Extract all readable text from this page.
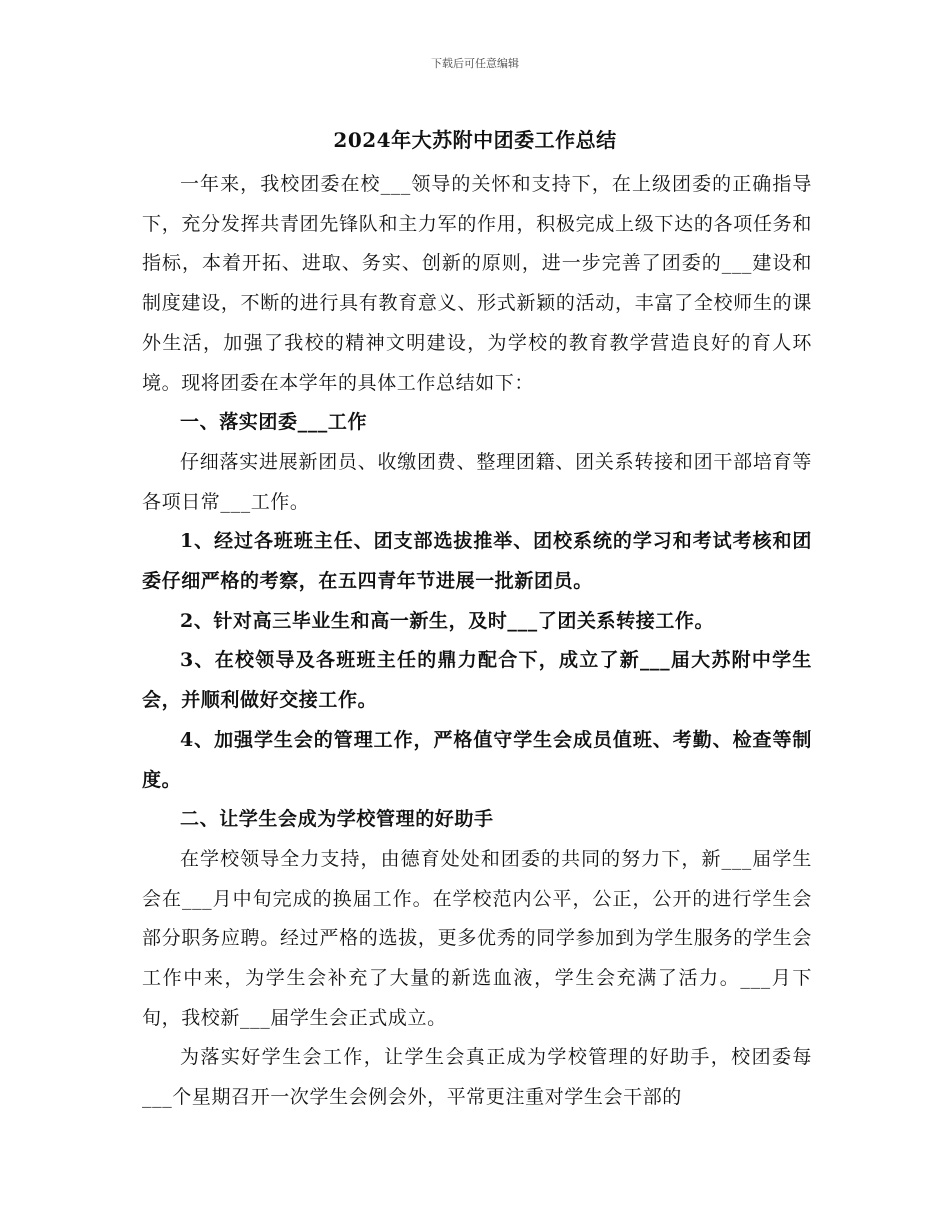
下载后可任意编辑
2024年大苏附中团委工作总结

一年来，我校团委在校___领导的关怀和支持下，在上级团委的正确指导下，充分发挥共青团先锋队和主力军的作用，积极完成上级下达的各项任务和指标，本着开拓、进取、务实、创新的原则，进一步完善了团委的___建设和制度建设，不断的进行具有教育意义、形式新颖的活动，丰富了全校师生的课外生活，加强了我校的精神文明建设，为学校的教育教学营造良好的育人环境。现将团委在本学年的具体工作总结如下：

一、落实团委___工作

仔细落实进展新团员、收缴团费、整理团籍、团关系转接和团干部培育等各项日常___工作。

1、经过各班班主任、团支部选拔推举、团校系统的学习和考试考核和团委仔细严格的考察，在五四青年节进展一批新团员。

2、针对高三毕业生和高一新生，及时___了团关系转接工作。

3、在校领导及各班班主任的鼎力配合下，成立了新___届大苏附中学生会，并顺利做好交接工作。

4、加强学生会的管理工作，严格值守学生会成员值班、考勤、检查等制度。

二、让学生会成为学校管理的好助手

在学校领导全力支持，由德育处处和团委的共同的努力下，新___届学生会在___月中旬完成的换届工作。在学校范内公平，公正，公开的进行学生会部分职务应聘。经过严格的选拔，更多优秀的同学参加到为学生服务的学生会工作中来，为学生会补充了大量的新选血液，学生会充满了活力。___月下旬，我校新___届学生会正式成立。

为落实好学生会工作，让学生会真正成为学校管理的好助手，校团委每___个星期召开一次学生会例会外，平常更注重对学生会干部的
